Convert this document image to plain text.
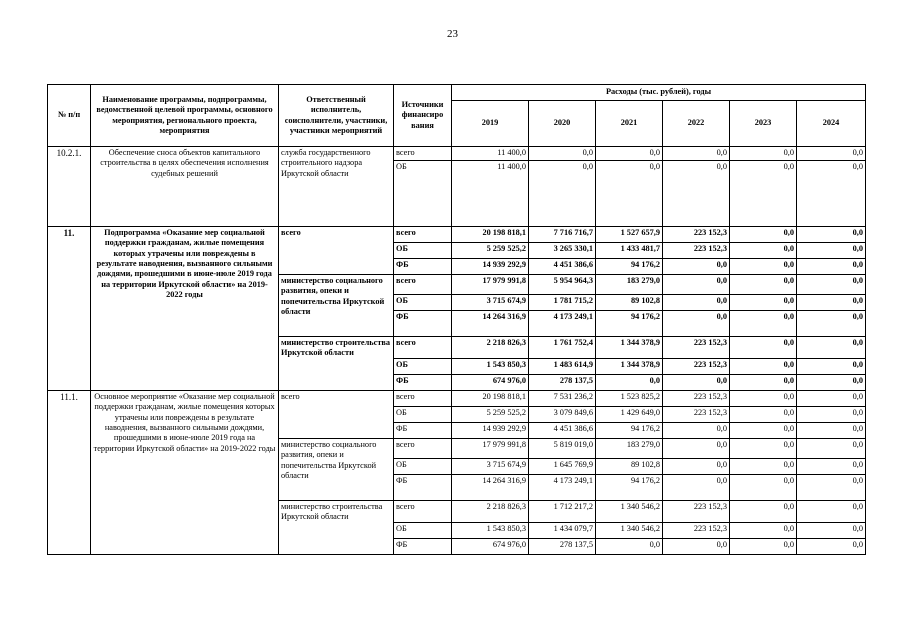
23
№ п/п	Наименование программы, подпрограммы, ведомственной целевой программы, основного мероприятия, регионального проекта, мероприятия	Ответственный исполнитель, соисполнители, участники, участники мероприятий	Источники финансиро вания	Расходы (тыс. рублей), годы					
				2019	2020	2021	2022	2023	2024
10.2.1.	Обеспечение сноса объектов капитального строительства в целях обеспечения исполнения судебных решений	служба государственного строительного надзора Иркутской области	всего	11 400,0	0,0	0,0	0,0	0,0	0,0
			ОБ	11 400,0	0,0	0,0	0,0	0,0	0,0
11.	Подпрограмма «Оказание мер социальной поддержки гражданам, жилые помещения которых утрачены или повреждены в результате наводнения, вызванного сильными дождями, прошедшими в июне-июле 2019 года на территории Иркутской области» на 2019-2022 годы	всего	всего	20 198 818,1	7 716 716,7	1 527 657,9	223 152,3	0,0	0,0
			ОБ	5 259 525,2	3 265 330,1	1 433 481,7	223 152,3	0,0	0,0
			ФБ	14 939 292,9	4 451 386,6	94 176,2	0,0	0,0	0,0
		министерство социального развития, опеки и попечительства Иркутской области	всего	17 979 991,8	5 954 964,3	183 279,0	0,0	0,0	0,0
			ОБ	3 715 674,9	1 781 715,2	89 102,8	0,0	0,0	0,0
			ФБ	14 264 316,9	4 173 249,1	94 176,2	0,0	0,0	0,0
		министерство строительства Иркутской области	всего	2 218 826,3	1 761 752,4	1 344 378,9	223 152,3	0,0	0,0
			ОБ	1 543 850,3	1 483 614,9	1 344 378,9	223 152,3	0,0	0,0
			ФБ	674 976,0	278 137,5	0,0	0,0	0,0	0,0
11.1.	Основное мероприятие «Оказание мер социальной поддержки гражданам, жилые помещения которых утрачены или повреждены в результате наводнения, вызванного сильными дождями, прошедшими в июне-июле 2019 года на территории Иркутской области» на 2019-2022 годы	всего	всего	20 198 818,1	7 531 236,2	1 523 825,2	223 152,3	0,0	0,0
			ОБ	5 259 525,2	3 079 849,6	1 429 649,0	223 152,3	0,0	0,0
			ФБ	14 939 292,9	4 451 386,6	94 176,2	0,0	0,0	0,0
		министерство социального развития, опеки и попечительства Иркутской области	всего	17 979 991,8	5 819 019,0	183 279,0	0,0	0,0	0,0
			ОБ	3 715 674,9	1 645 769,9	89 102,8	0,0	0,0	0,0
			ФБ	14 264 316,9	4 173 249,1	94 176,2	0,0	0,0	0,0
		министерство строительства Иркутской области	всего	2 218 826,3	1 712 217,2	1 340 546,2	223 152,3	0,0	0,0
			ОБ	1 543 850,3	1 434 079,7	1 340 546,2	223 152,3	0,0	0,0
			ФБ	674 976,0	278 137,5	0,0	0,0	0,0	0,0
